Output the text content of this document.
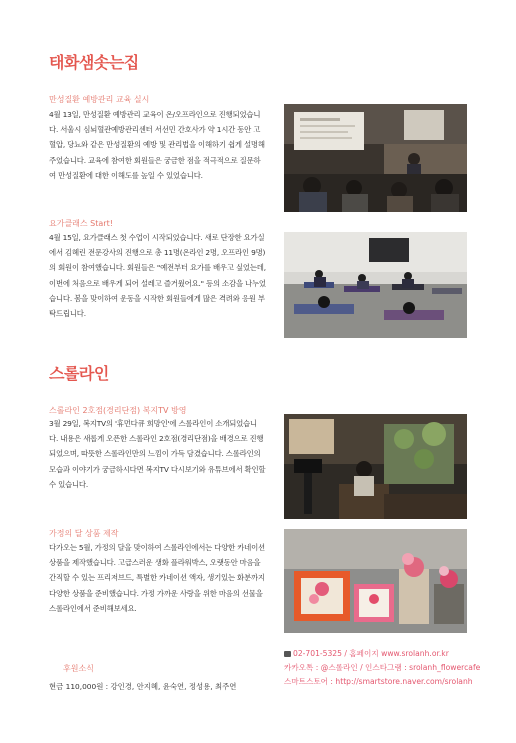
태화샘솟는집
만성질환 예방관리 교육 실시

4월 13일, 만성질환 예방관리 교육이 온/오프라인으로 진행되었습니다. 서울시 심뇌혈관예방관리센터 서선민 간호사가 약 1시간 동안 고혈압, 당뇨와 같은 만성질환의 예방 및 관리법을 이해하기 쉽게 설명해주었습니다. 교육에 참여한 회원들은 궁금한 점을 적극적으로 질문하여 만성질환에 대한 이해도를 높일 수 있었습니다.

요가클래스 Start!

4월 15일, 요가클래스 첫 수업이 시작되었습니다. 새로 단장한 요가실에서 김혜린 전문강사의 진행으로 총 11명(온라인 2명, 오프라인 9명)의 회원이 참여했습니다. 회원들은 "예전부터 요가를 배우고 싶었는데, 이번에 처음으로 배우게 되어 설레고 즐거웠어요." 등의 소감을 나누었습니다. 봄을 맞이하여 운동을 시작한 회원들에게 많은 격려와 응원 부탁드립니다.

스롤라인
스롤라인 2호점(경리단점) 복지TV 방영

3월 29일, 복지TV의 '휴먼다큐 희망인'에 스롤라인이 소개되었습니다. 내용은 새롭게 오픈한 스롤라인 2호점(경리단점)을 배경으로 진행되었으며, 따뜻한 스롤라인만의 느낌이 가득 담겼습니다. 스롤라인의 모습과 이야기가 궁금하시다면 복지TV 다시보기와 유튜브에서 확인할 수 있습니다.

가정의 달 상품 제작

다가오는 5월, 가정의 달을 맞이하여 스롤라인에서는 다양한 카네이션 상품을 제작했습니다. 고급스러운 생화 플라워박스, 오랫동안 마음을 간직할 수 있는 프리저브드, 특별한 카네이션 액자, 생기있는 화분까지 다양한 상품을 준비했습니다. 가정 가까운 사랑을 위한 마음의 선물을 스롤라인에서 준비해보세요.

02-701-5325 / 홈페이지 www.srolanh.or.kr
카카오톡 : @스롤라인 / 인스타그램 : srolanh_flowercafe
스마트스토어 : http://smartstore.naver.com/srolanh
후원소식
현금 110,000원 : 강인경, 안지혜, 윤숙연, 정성용, 최주연
